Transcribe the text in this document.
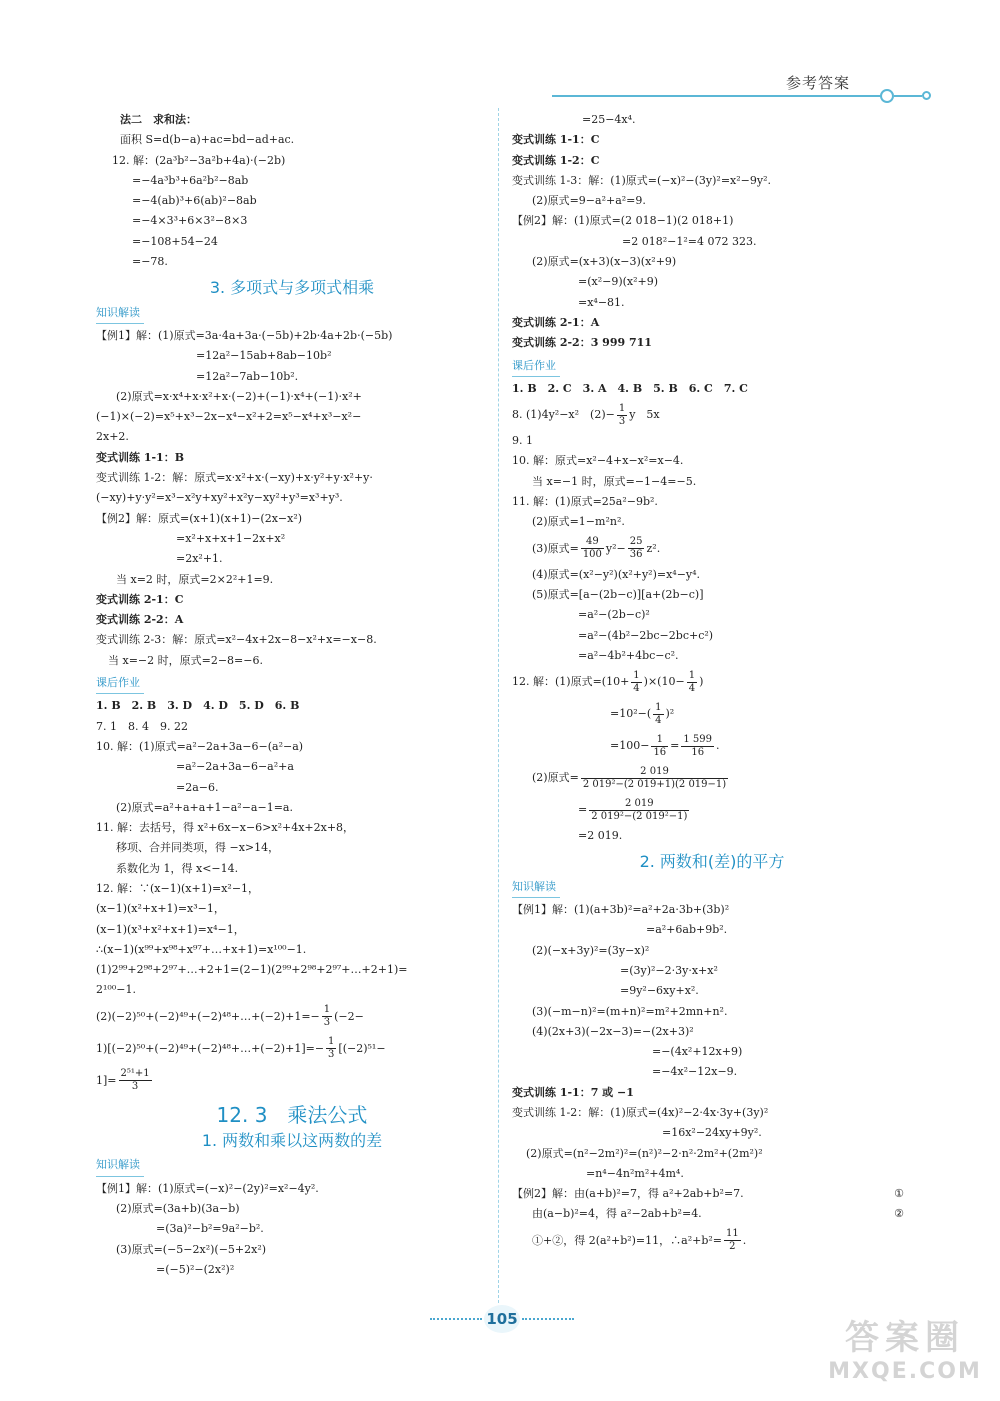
参考答案
法二　求和法：
面积 S=d(b−a)+ac=bd−ad+ac.
12. 解：(2a³b²−3a²b+4a)·(−2b)
=−4a³b³+6a²b²−8ab
=−4(ab)³+6(ab)²−8ab
=−4×3³+6×3²−8×3
=−108+54−24
=−78.
3. 多项式与多项式相乘
知识解读
【例1】解：(1)原式=3a·4a+3a·(−5b)+2b·4a+2b·(−5b)
=12a²−15ab+8ab−10b²
=12a²−7ab−10b².
(2)原式=x·x⁴+x·x²+x·(−2)+(−1)·x⁴+(−1)·x²+
(−1)×(−2)=x⁵+x³−2x−x⁴−x²+2=x⁵−x⁴+x³−x²−
2x+2.
变式训练 1-1：B
变式训练 1-2：解：原式=x·x²+x·(−xy)+x·y²+y·x²+y·
(−xy)+y·y²=x³−x²y+xy²+x²y−xy²+y³=x³+y³.
【例2】解：原式=(x+1)(x+1)−(2x−x²)
=x²+x+x+1−2x+x²
=2x²+1.
当 x=2 时，原式=2×2²+1=9.
变式训练 2-1：C
变式训练 2-2：A
变式训练 2-3：解：原式=x²−4x+2x−8−x²+x=−x−8.
当 x=−2 时，原式=2−8=−6.
课后作业
1. B　2. B　3. D　4. D　5. D　6. B
7. 1　8. 4　9. 22
10. 解：(1)原式=a²−2a+3a−6−(a²−a)
=a²−2a+3a−6−a²+a
=2a−6.
(2)原式=a²+a+a+1−a²−a−1=a.
11. 解：去括号，得 x²+6x−x−6>x²+4x+2x+8，
移项、合并同类项，得 −x>14，
系数化为 1，得 x<−14.
12. 解：∵(x−1)(x+1)=x²−1，
(x−1)(x²+x+1)=x³−1，
(x−1)(x³+x²+x+1)=x⁴−1，
∴(x−1)(x⁹⁹+x⁹⁸+x⁹⁷+…+x+1)=x¹⁰⁰−1.
(1)2⁹⁹+2⁹⁸+2⁹⁷+…+2+1=(2−1)(2⁹⁹+2⁹⁸+2⁹⁷+…+2+1)=
2¹⁰⁰−1.
(2)(−2)⁵⁰+(−2)⁴⁹+(−2)⁴⁸+…+(−2)+1=− $\frac{1}{3} (-2-$
1)[(−2)⁵⁰+(−2)⁴⁹+(−2)⁴⁸+…+(−2)+1]=− $\frac{1}{3} [(-2)^{51}-$
$1]= \frac{\text{2⁵¹+1}}{3}$
12. 3　乘法公式
1. 两数和乘以这两数的差
知识解读
【例1】解：(1)原式=(−x)²−(2y)²=x²−4y².
(2)原式=(3a+b)(3a−b)
=(3a)²−b²=9a²−b².
(3)原式=(−5−2x²)(−5+2x²)
=(−5)²−(2x²)²
=25−4x⁴.
变式训练 1-1：C
变式训练 1-2：C
变式训练 1-3：解：(1)原式=(−x)²−(3y)²=x²−9y².
(2)原式=9−a²+a²=9.
【例2】解：(1)原式=(2 018−1)(2 018+1)
=2 018²−1²=4 072 323.
(2)原式=(x+3)(x−3)(x²+9)
=(x²−9)(x²+9)
=x⁴−81.
变式训练 2-1：A
变式训练 2-2：3 999 711
课后作业
1. B　2. C　3. A　4. B　5. B　6. C　7. C
8. (1)4y²−x²　$(2)- \frac{1}{3}$ y　5x
9. 1
10. 解：原式=x²−4+x−x²=x−4.
当 x=−1 时，原式=−1−4=−5.
11. 解：(1)原式=25a²−9b².
(2)原式=1−m²n².
(3)原式= $\frac{49}{100} y^2- \frac{25}{36} z^2$.
(4)原式=(x²−y²)(x²+y²)=x⁴−y⁴.
(5)原式=[a−(2b−c)][a+(2b−c)]
=a²−(2b−c)²
=a²−(4b²−2bc−2bc+c²)
=a²−4b²+4bc−c².
12. 解：(1)原式$=(10+ \frac{1}{4} )\times(10- \frac{1}{4}$ )
$=10^2-( \frac{1}{4} )^2$
$=100- \frac{1}{16} = \frac{1 599}{16}$ .
(2)原式= $\frac{2 019}{\text{2 019²−(2 019+1)(2 019−1)}}$
= $\frac{2 019}{\text{2 019²−(2 019²−1)}}$
=2 019.
2. 两数和(差)的平方
知识解读
【例1】解：(1)(a+3b)²=a²+2a·3b+(3b)²
=a²+6ab+9b².
(2)(−x+3y)²=(3y−x)²
=(3y)²−2·3y·x+x²
=9y²−6xy+x².
(3)(−m−n)²=(m+n)²=m²+2mn+n².
(4)(2x+3)(−2x−3)=−(2x+3)²
=−(4x²+12x+9)
=−4x²−12x−9.
变式训练 1-1：7 或 −1
变式训练 1-2：解：(1)原式=(4x)²−2·4x·3y+(3y)²
=16x²−24xy+9y².
(2)原式=(n²−2m²)²=(n²)²−2·n²·2m²+(2m²)²
=n⁴−4n²m²+4m⁴.
【例2】解：由(a+b)²=7，得 a²+2ab+b²=7.	①
由(a−b)²=4，得 a²−2ab+b²=4.	②
①+②，得 2(a²+b²)=11，∴a²+b²= $\frac{11}{2}$ .
105	答案圈
MXQE.COM
